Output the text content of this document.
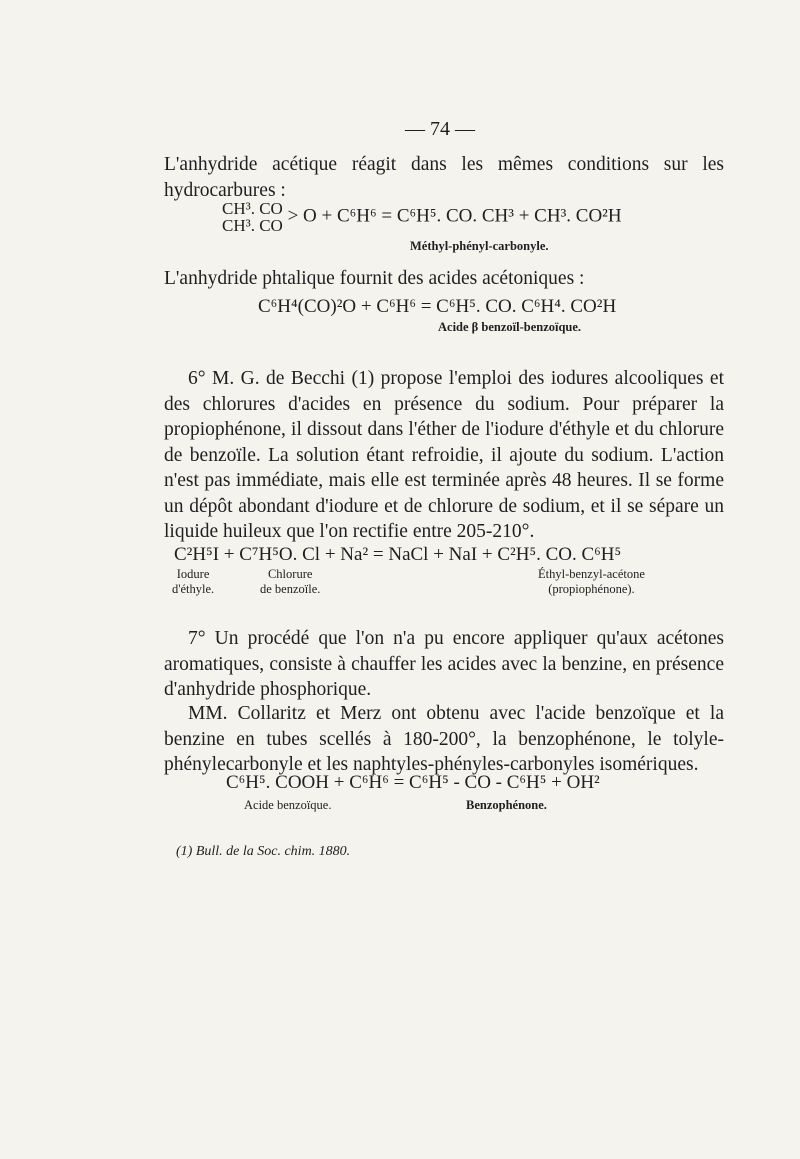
— 74 —
L'anhydride acétique réagit dans les mêmes conditions sur les hydrocarbures :
CH³. CO
CH³. CO > O + C⁶H⁶ = C⁶H⁵. CO. CH³ + CH³. CO²H
Méthyl-phényl-carbonyle.
L'anhydride phtalique fournit des acides acétoniques :
C⁶H⁴(CO)²O + C⁶H⁶ = C⁶H⁵. CO. C⁶H⁴. CO²H
Acide β benzoïl-benzoïque.
6° M. G. de Becchi (1) propose l'emploi des iodures alcooliques et des chlorures d'acides en présence du sodium. Pour préparer la propiophénone, il dissout dans l'éther de l'iodure d'éthyle et du chlorure de benzoïle. La solution étant refroidie, il ajoute du sodium. L'action n'est pas immédiate, mais elle est terminée après 48 heures. Il se forme un dépôt abondant d'iodure et de chlorure de sodium, et il se sépare un liquide huileux que l'on rectifie entre 205-210°.
C²H⁵I + C⁷H⁵O. Cl + Na² = NaCl + NaI + C²H⁵. CO. C⁶H⁵
Iodure
d'éthyle.
Chlorure
de benzoïle.
Éthyl-benzyl-acétone
(propiophénone).
7° Un procédé que l'on n'a pu encore appliquer qu'aux acétones aromatiques, consiste à chauffer les acides avec la benzine, en présence d'anhydride phosphorique.
MM. Collaritz et Merz ont obtenu avec l'acide benzoïque et la benzine en tubes scellés à 180-200°, la benzophénone, le tolyle-phénylecarbonyle et les naphtyles-phényles-carbonyles isomériques.
C⁶H⁵. COOH + C⁶H⁶ = C⁶H⁵ - CO - C⁶H⁵ + OH²
Acide benzoïque.	Benzophénone.
(1) Bull. de la Soc. chim. 1880.
